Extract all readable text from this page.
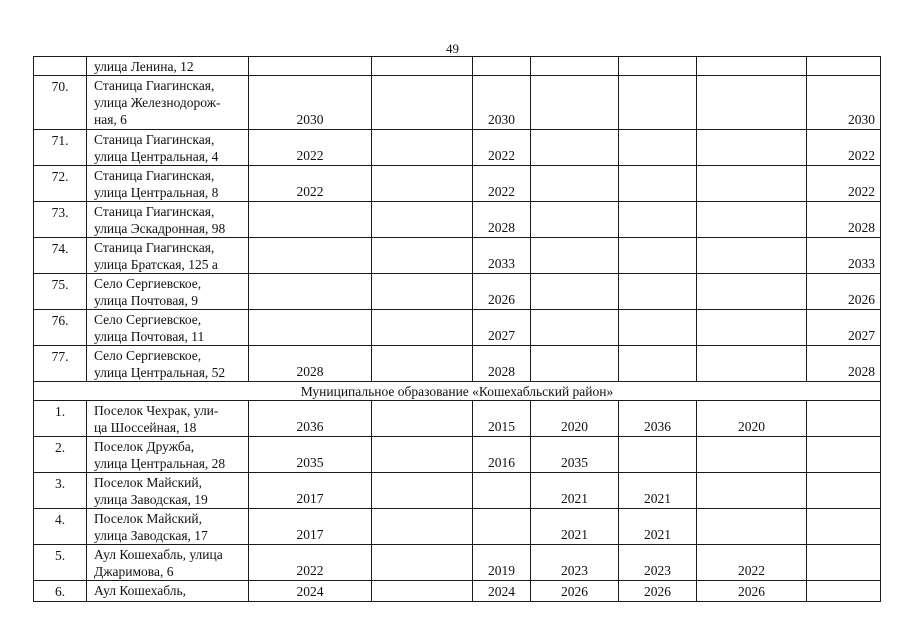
49
	улица Ленина, 12							
70.	Станица Гиагинская,
улица Железнодорож-
ная, 6	2030		2030				2030
71.	Станица Гиагинская,
улица Центральная, 4	2022		2022				2022
72.	Станица Гиагинская,
улица Центральная, 8	2022		2022				2022
73.	Станица Гиагинская,
улица Эскадронная, 98			2028				2028
74.	Станица Гиагинская,
улица Братская, 125 а			2033				2033
75.	Село Сергиевское,
улица Почтовая, 9			2026				2026
76.	Село Сергиевское,
улица Почтовая, 11			2027				2027
77.	Село Сергиевское,
улица Центральная, 52	2028		2028				2028
Муниципальное образование «Кошехабльский район»								
1.	Поселок Чехрак, ули-
ца Шоссейная, 18	2036		2015	2020	2036	2020	
2.	Поселок Дружба,
улица Центральная, 28	2035		2016	2035			
3.	Поселок Майский,
улица Заводская, 19	2017			2021	2021		
4.	Поселок Майский,
улица Заводская, 17	2017			2021	2021		
5.	Аул Кошехабль, улица
Джаримова, 6	2022		2019	2023	2023	2022	
6.	Аул Кошехабль,	2024		2024	2026	2026	2026	
